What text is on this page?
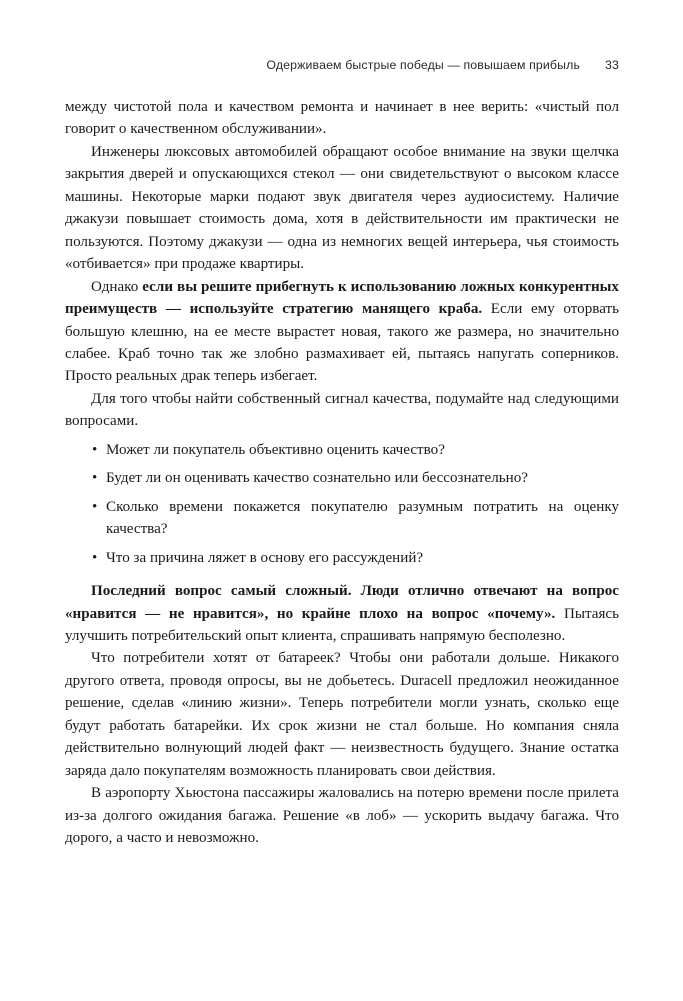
Одерживаем быстрые победы — повышаем прибыль 33

между чистотой пола и качеством ремонта и начинает в нее верить: «чистый пол говорит о качественном обслуживании».

Инженеры люксовых автомобилей обращают особое внимание на звуки щелчка закрытия дверей и опускающихся стекол — они свидетельствуют о высоком классе машины. Некоторые марки подают звук двигателя через аудиосистему. Наличие джакузи повышает стоимость дома, хотя в действительности им практически не пользуются. Поэтому джакузи — одна из немногих вещей интерьера, чья стоимость «отбивается» при продаже квартиры.

Однако если вы решите прибегнуть к использованию ложных конкурентных преимуществ — используйте стратегию манящего краба. Если ему оторвать большую клешню, на ее месте вырастет новая, такого же размера, но значительно слабее. Краб точно так же злобно размахивает ей, пытаясь напугать соперников. Просто реальных драк теперь избегает.

Для того чтобы найти собственный сигнал качества, подумайте над следующими вопросами.

• Может ли покупатель объективно оценить качество?
• Будет ли он оценивать качество сознательно или бессознательно?
• Сколько времени покажется покупателю разумным потратить на оценку качества?
• Что за причина ляжет в основу его рассуждений?

Последний вопрос самый сложный. Люди отлично отвечают на вопрос «нравится — не нравится», но крайне плохо на вопрос «почему». Пытаясь улучшить потребительский опыт клиента, спрашивать напрямую бесполезно.

Что потребители хотят от батареек? Чтобы они работали дольше. Никакого другого ответа, проводя опросы, вы не добьетесь. Duracell предложил неожиданное решение, сделав «линию жизни». Теперь потребители могли узнать, сколько еще будут работать батарейки. Их срок жизни не стал больше. Но компания сняла действительно волнующий людей факт — неизвестность будущего. Знание остатка заряда дало покупателям возможность планировать свои действия.

В аэропорту Хьюстона пассажиры жаловались на потерю времени после прилета из-за долгого ожидания багажа. Решение «в лоб» — ускорить выдачу багажа. Что дорого, а часто и невозможно.
